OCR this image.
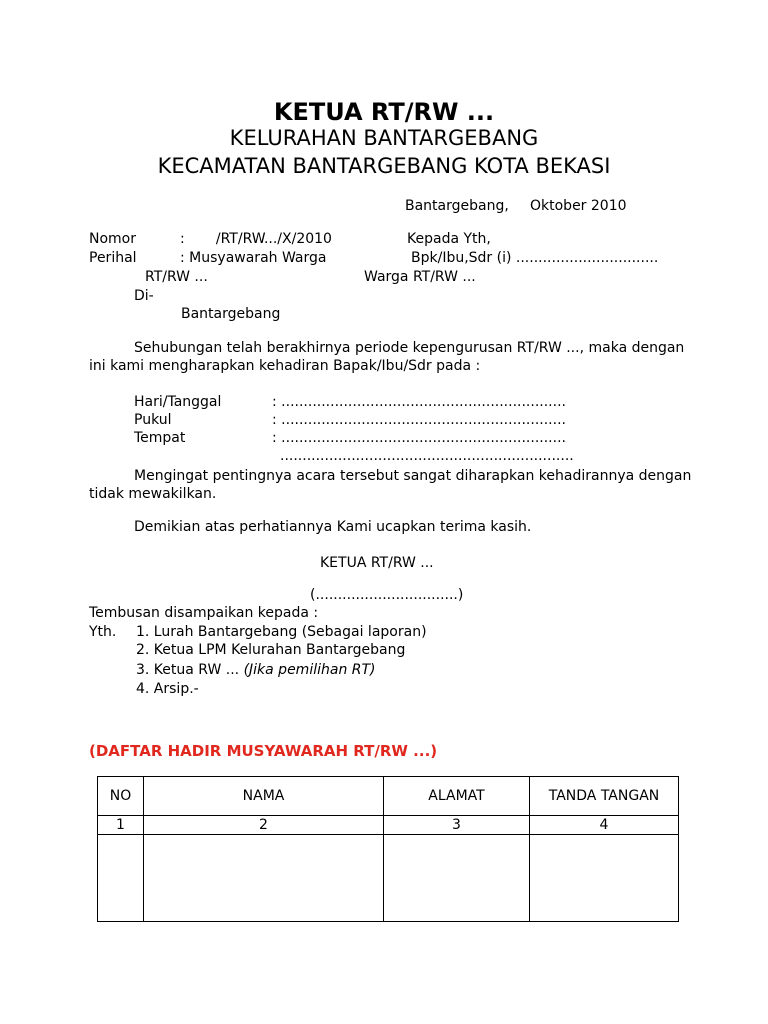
KETUA RT/RW ...
KELURAHAN BANTARGEBANG
KECAMATAN BANTARGEBANG KOTA BEKASI
Bantargebang, Oktober 2010
Nomor	:       /RT/RW.../X/2010	Kepada Yth,
Perihal	: Musyawarah Warga	Bpk/Ibu,Sdr (i) ................................
RT/RW ...	Warga RT/RW ...
Di-
Bantargebang
Sehubungan telah berakhirnya periode kepengurusan RT/RW ..., maka dengan
ini kami mengharapkan kehadiran Bapak/Ibu/Sdr pada :
Hari/Tanggal	: ................................................................
Pukul	: ................................................................
Tempat	: ................................................................
..................................................................
Mengingat pentingnya acara tersebut sangat diharapkan kehadirannya dengan
tidak mewakilkan.
Demikian atas perhatiannya Kami ucapkan terima kasih.
KETUA RT/RW ...
(................................)
Tembusan disampaikan kepada :
Yth. 1. Lurah Bantargebang (Sebagai laporan)
2. Ketua LPM Kelurahan Bantargebang
3. Ketua RW ... (Jika pemilihan RT)
4. Arsip.-
(DAFTAR HADIR MUSYAWARAH RT/RW ...)
NO	NAMA	ALAMAT	TANDA TANGAN
1	2	3	4
